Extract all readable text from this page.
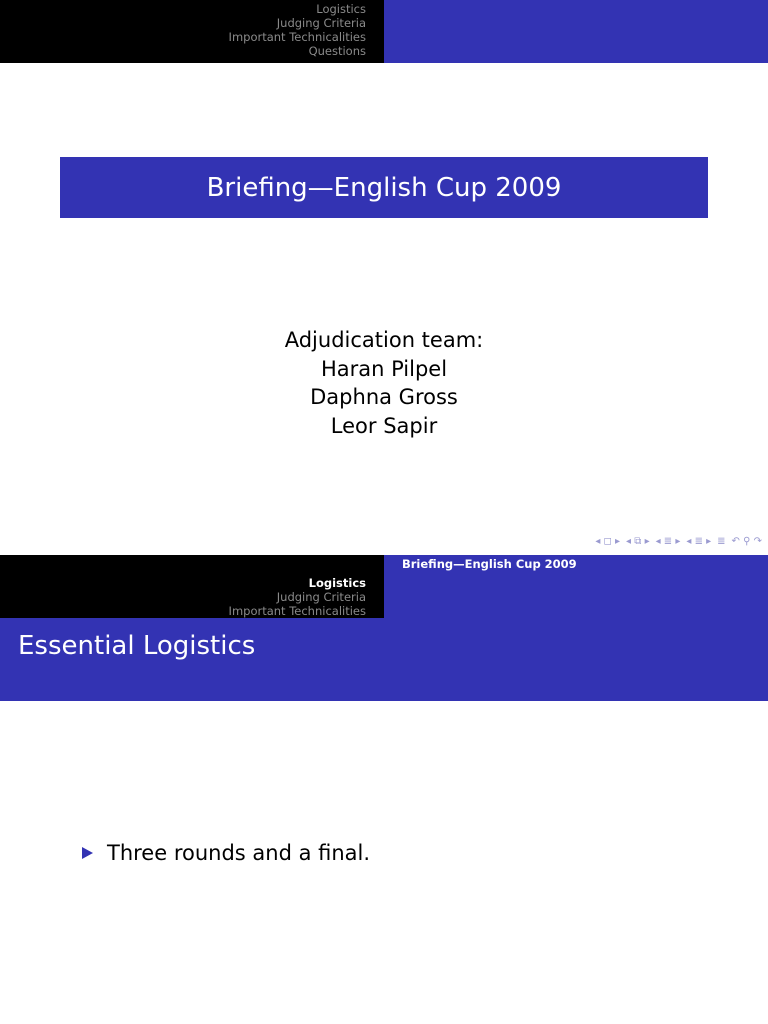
Logistics
Judging Criteria
Important Technicalities
Questions
Briefing—English Cup 2009
Adjudication team:
Haran Pilpel
Daphna Gross
Leor Sapir
◂ ◻ ▸ ◂ ⧉ ▸ ◂ ≣ ▸ ◂ ≣ ▸ ≣ ↶ ⚲ ↷
Logistics
Judging Criteria
Important Technicalities
Briefing—English Cup 2009
Essential Logistics
Three rounds and a final.
